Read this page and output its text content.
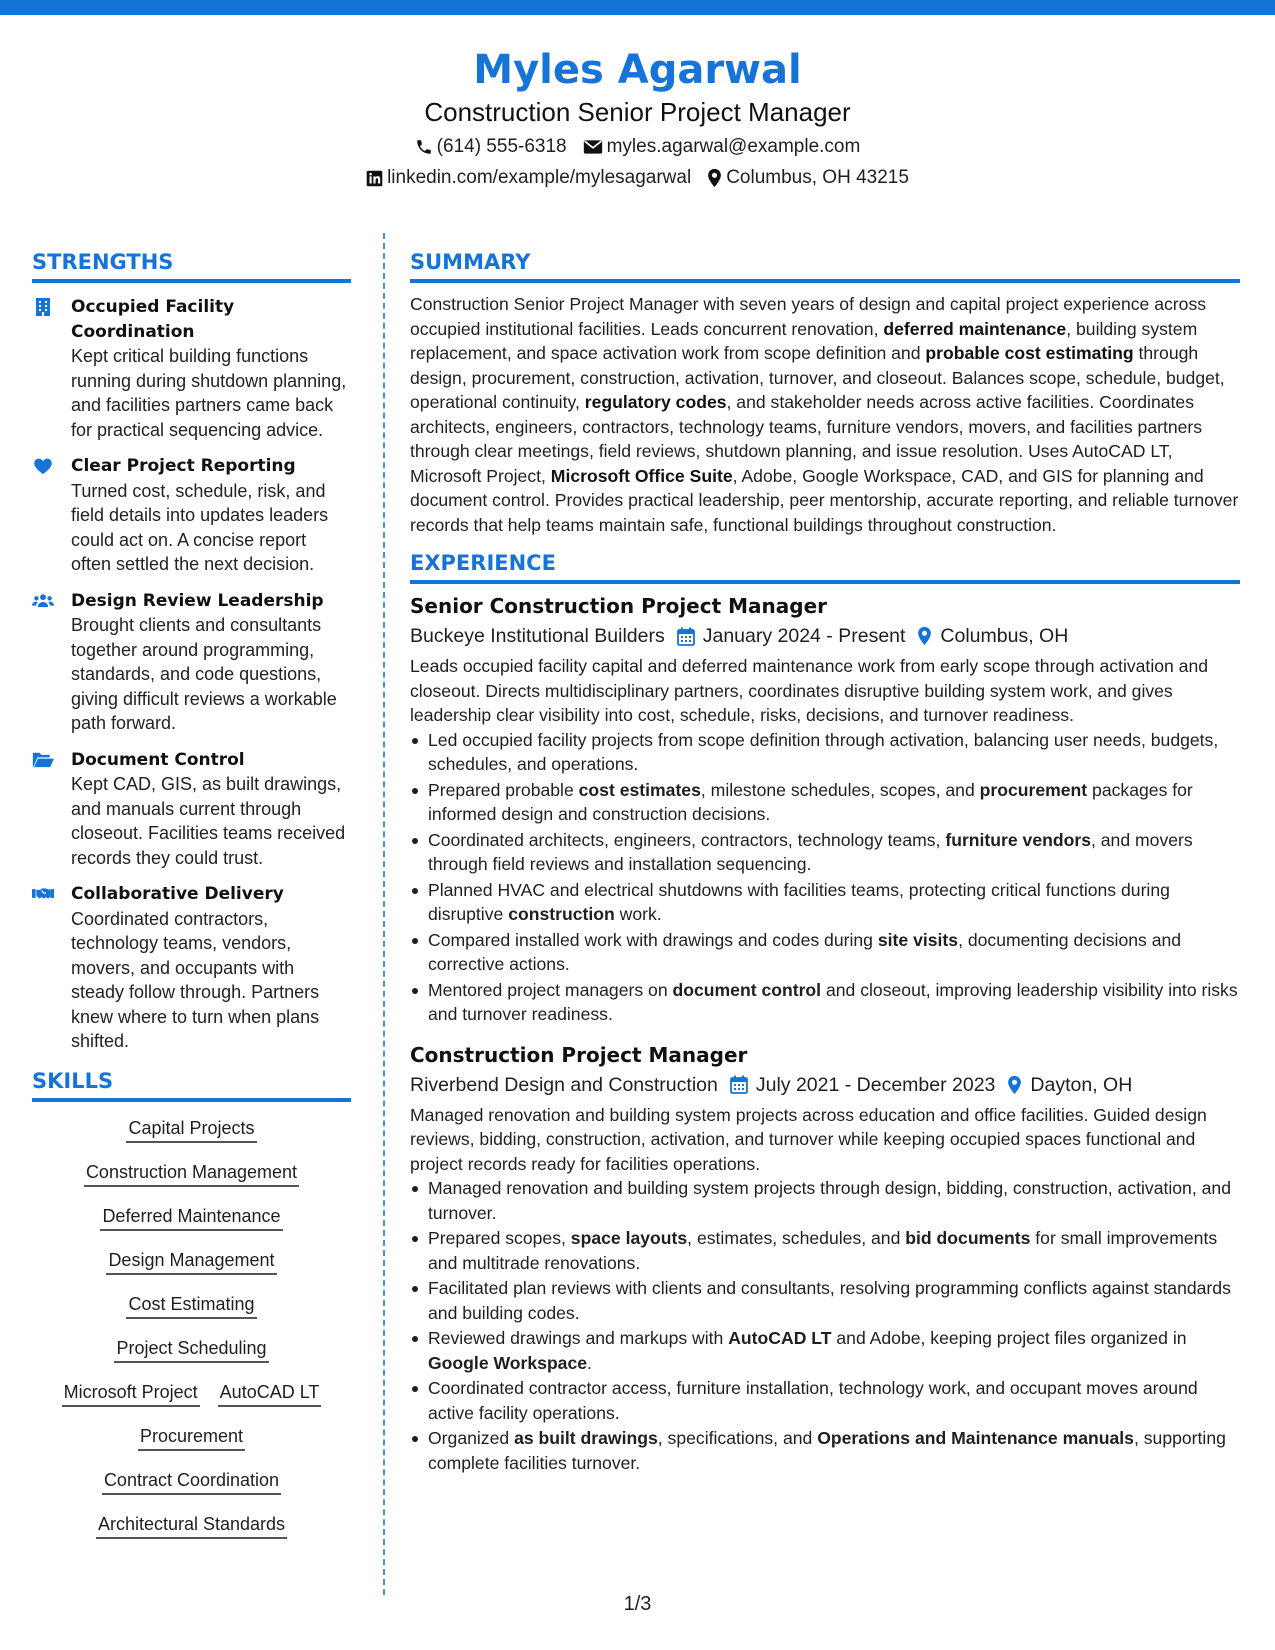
Myles Agarwal
Construction Senior Project Manager
(614) 555-6318 myles.agarwal@example.com
linkedin.com/example/mylesagarwal Columbus, OH 43215
STRENGTHS
Occupied Facility Coordination
Kept critical building functions running during shutdown planning, and facilities partners came back for practical sequencing advice.
Clear Project Reporting
Turned cost, schedule, risk, and field details into updates leaders could act on. A concise report often settled the next decision.
Design Review Leadership
Brought clients and consultants together around programming, standards, and code questions, giving difficult reviews a workable path forward.
Document Control
Kept CAD, GIS, as built drawings, and manuals current through closeout. Facilities teams received records they could trust.
Collaborative Delivery
Coordinated contractors, technology teams, vendors, movers, and occupants with steady follow through. Partners knew where to turn when plans shifted.
SKILLS
Capital Projects
Construction Management
Deferred Maintenance
Design Management
Cost Estimating
Project Scheduling
Microsoft Project AutoCAD LT
Procurement
Contract Coordination
Architectural Standards
SUMMARY
Construction Senior Project Manager with seven years of design and capital project experience across occupied institutional facilities. Leads concurrent renovation, deferred maintenance, building system replacement, and space activation work from scope definition and probable cost estimating through design, procurement, construction, activation, turnover, and closeout. Balances scope, schedule, budget, operational continuity, regulatory codes, and stakeholder needs across active facilities. Coordinates architects, engineers, contractors, technology teams, furniture vendors, movers, and facilities partners through clear meetings, field reviews, shutdown planning, and issue resolution. Uses AutoCAD LT, Microsoft Project, Microsoft Office Suite, Adobe, Google Workspace, CAD, and GIS for planning and document control. Provides practical leadership, peer mentorship, accurate reporting, and reliable turnover records that help teams maintain safe, functional buildings throughout construction.
EXPERIENCE
Senior Construction Project Manager
Buckeye Institutional Builders January 2024 - Present Columbus, OH
Leads occupied facility capital and deferred maintenance work from early scope through activation and closeout. Directs multidisciplinary partners, coordinates disruptive building system work, and gives leadership clear visibility into cost, schedule, risks, decisions, and turnover readiness.
Led occupied facility projects from scope definition through activation, balancing user needs, budgets, schedules, and operations.
Prepared probable cost estimates, milestone schedules, scopes, and procurement packages for informed design and construction decisions.
Coordinated architects, engineers, contractors, technology teams, furniture vendors, and movers through field reviews and installation sequencing.
Planned HVAC and electrical shutdowns with facilities teams, protecting critical functions during disruptive construction work.
Compared installed work with drawings and codes during site visits, documenting decisions and corrective actions.
Mentored project managers on document control and closeout, improving leadership visibility into risks and turnover readiness.
Construction Project Manager
Riverbend Design and Construction July 2021 - December 2023 Dayton, OH
Managed renovation and building system projects across education and office facilities. Guided design reviews, bidding, construction, activation, and turnover while keeping occupied spaces functional and project records ready for facilities operations.
Managed renovation and building system projects through design, bidding, construction, activation, and turnover.
Prepared scopes, space layouts, estimates, schedules, and bid documents for small improvements and multitrade renovations.
Facilitated plan reviews with clients and consultants, resolving programming conflicts against standards and building codes.
Reviewed drawings and markups with AutoCAD LT and Adobe, keeping project files organized in Google Workspace.
Coordinated contractor access, furniture installation, technology work, and occupant moves around active facility operations.
Organized as built drawings, specifications, and Operations and Maintenance manuals, supporting complete facilities turnover.
1/3
